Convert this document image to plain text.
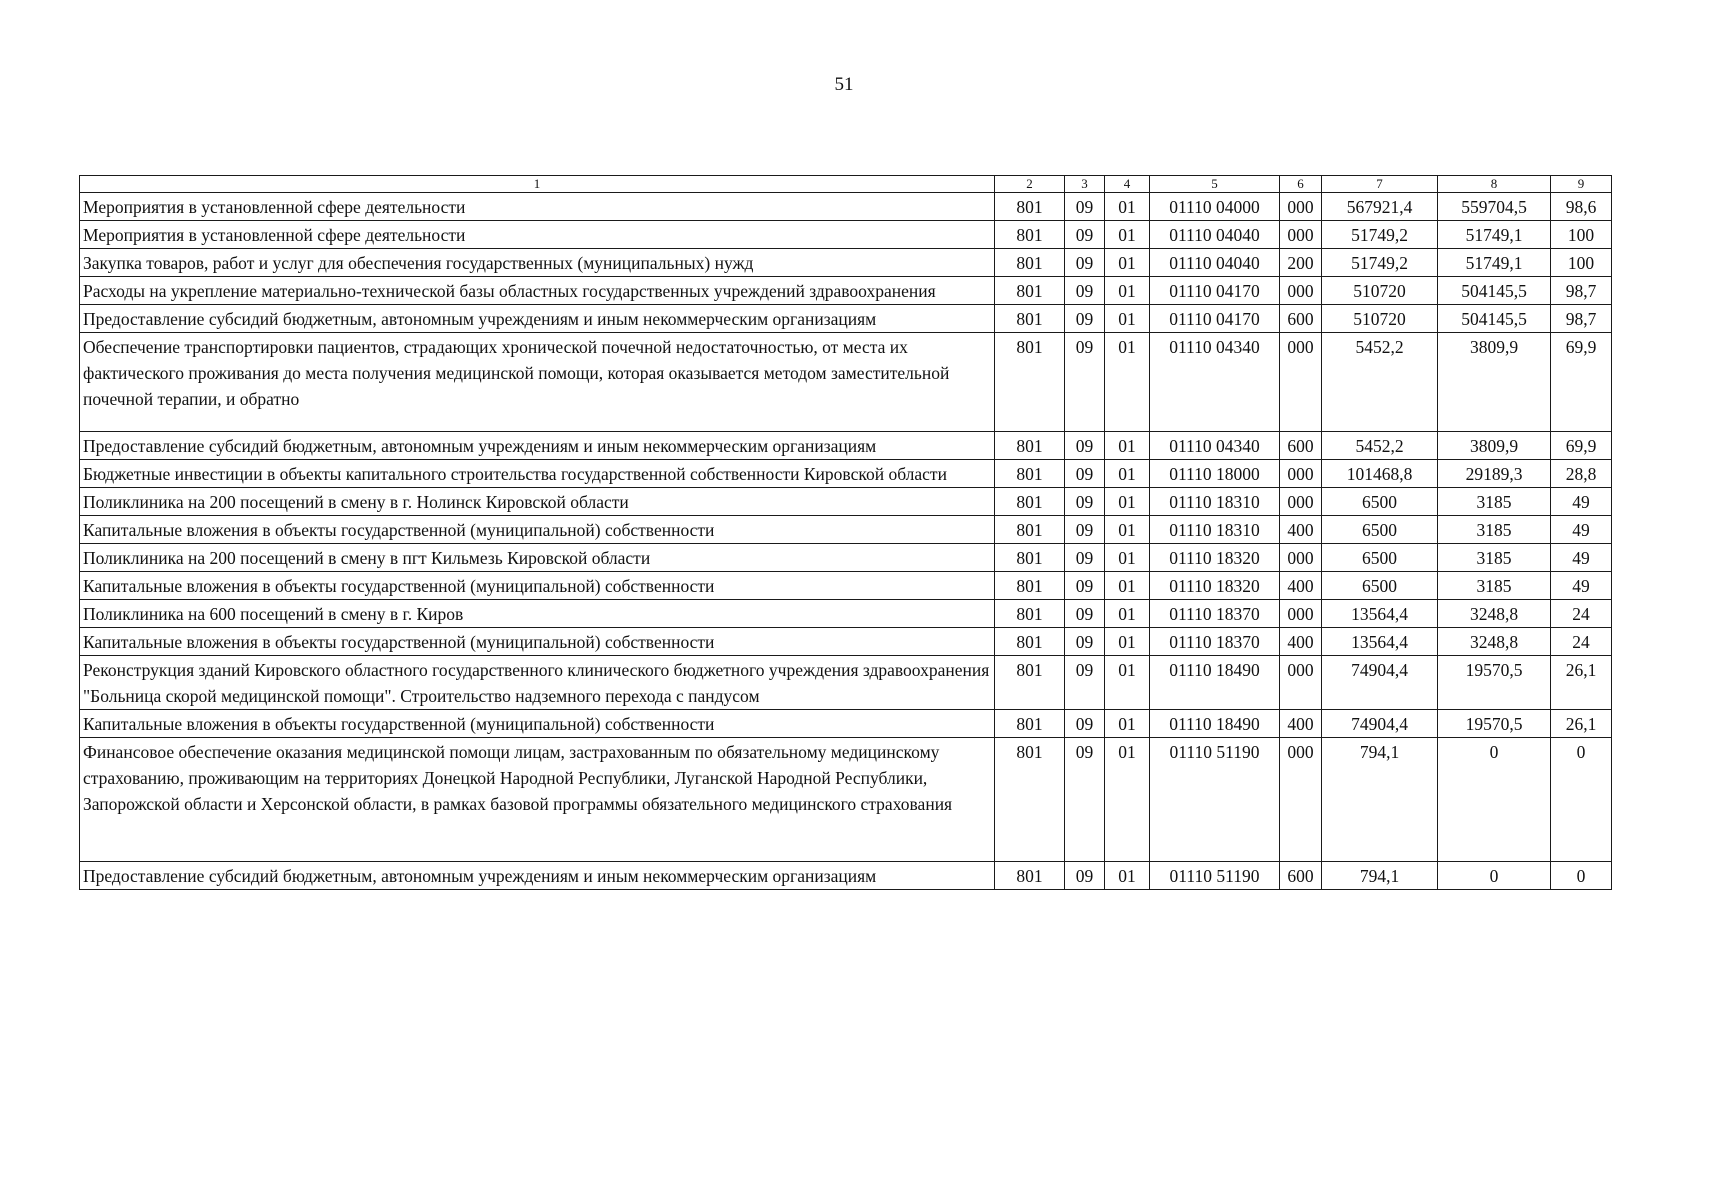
51
1	2	3	4	5	6	7	8	9
Мероприятия в установленной сфере деятельности	801	09	01	01110 04000	000	567921,4	559704,5	98,6
Мероприятия в установленной сфере деятельности	801	09	01	01110 04040	000	51749,2	51749,1	100
Закупка товаров, работ и услуг для обеспечения государственных (муниципальных) нужд	801	09	01	01110 04040	200	51749,2	51749,1	100
Расходы на укрепление материально-технической базы областных государственных учреждений здравоохранения	801	09	01	01110 04170	000	510720	504145,5	98,7
Предоставление субсидий бюджетным, автономным учреждениям и иным некоммерческим организациям	801	09	01	01110 04170	600	510720	504145,5	98,7
Обеспечение транспортировки пациентов, страдающих хронической почечной недостаточностью, от места их фактического проживания до места получения медицинской помощи, которая оказывается методом заместительной почечной терапии, и обратно	801	09	01	01110 04340	000	5452,2	3809,9	69,9
Предоставление субсидий бюджетным, автономным учреждениям и иным некоммерческим организациям	801	09	01	01110 04340	600	5452,2	3809,9	69,9
Бюджетные инвестиции в объекты капитального строительства государственной собственности Кировской области	801	09	01	01110 18000	000	101468,8	29189,3	28,8
Поликлиника на 200 посещений в смену в г. Нолинск Кировской области	801	09	01	01110 18310	000	6500	3185	49
Капитальные вложения в объекты государственной (муниципальной) собственности	801	09	01	01110 18310	400	6500	3185	49
Поликлиника на 200 посещений в смену в пгт Кильмезь Кировской области	801	09	01	01110 18320	000	6500	3185	49
Капитальные вложения в объекты государственной (муниципальной) собственности	801	09	01	01110 18320	400	6500	3185	49
Поликлиника на 600 посещений в смену в г. Киров	801	09	01	01110 18370	000	13564,4	3248,8	24
Капитальные вложения в объекты государственной (муниципальной) собственности	801	09	01	01110 18370	400	13564,4	3248,8	24
Реконструкция зданий Кировского областного государственного клинического бюджетного учреждения здравоохранения "Больница скорой медицинской помощи". Строительство надземного перехода с пандусом	801	09	01	01110 18490	000	74904,4	19570,5	26,1
Капитальные вложения в объекты государственной (муниципальной) собственности	801	09	01	01110 18490	400	74904,4	19570,5	26,1
Финансовое обеспечение оказания медицинской помощи лицам, застрахованным по обязательному медицинскому страхованию, проживающим на территориях Донецкой Народной Республики, Луганской Народной Республики, Запорожской области и Херсонской области, в рамках базовой программы обязательного медицинского страхования	801	09	01	01110 51190	000	794,1	0	0
Предоставление субсидий бюджетным, автономным учреждениям и иным некоммерческим организациям	801	09	01	01110 51190	600	794,1	0	0
